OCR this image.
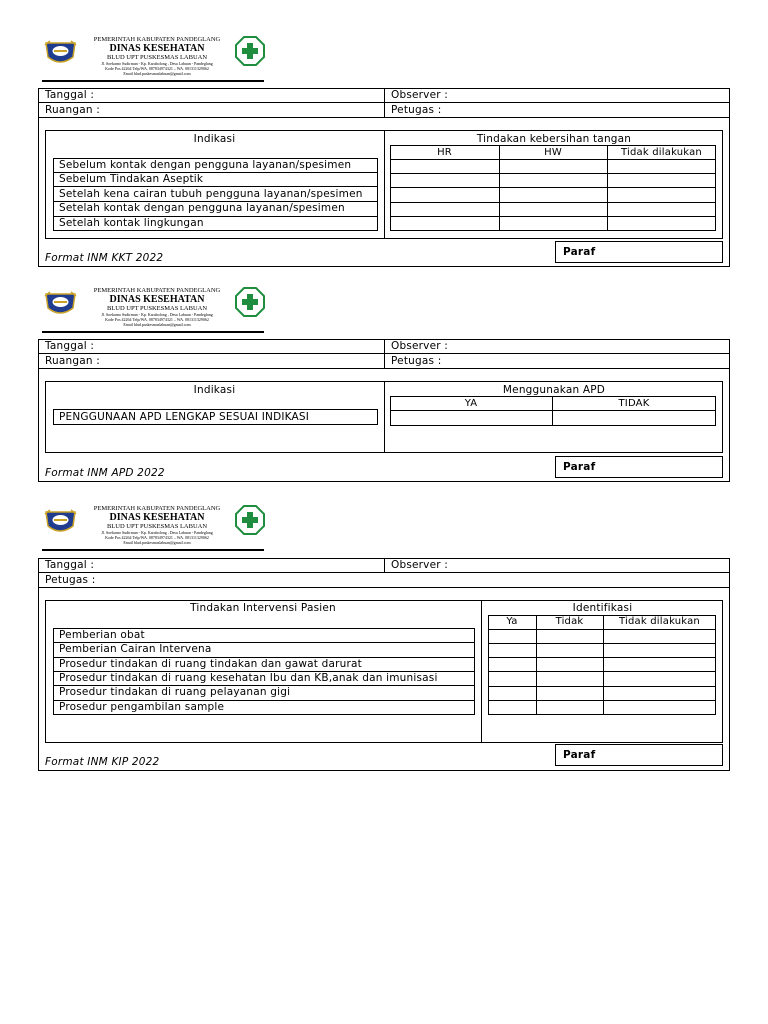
PEMERINTAH KABUPATEN PANDEGLANG
DINAS KESEHATAN
BLUD UPT PUSKESMAS LABUAN
Jl. Soekarno Sudirman - Kp. Karabolong , Desa Labuan - Pandeglang
Kode Pos 42264 Telp/WA. 087834974321 – WA. 081311329062
Email blud.puskesmaslabuan@gmail.com
Tanggal :	Observer :
Ruangan :	Petugas :
Indikasi	Tindakan kebersihan tangan
Sebelum kontak dengan pengguna layanan/spesimen
Sebelum Tindakan Aseptik
Setelah kena cairan tubuh pengguna layanan/spesimen
Setelah kontak dengan pengguna layanan/spesimen
Setelah kontak lingkungan
HR	HW	Tidak dilakukan
Paraf
Format INM KKT 2022
PEMERINTAH KABUPATEN PANDEGLANG
DINAS KESEHATAN
BLUD UPT PUSKESMAS LABUAN
Jl. Soekarno Sudirman - Kp. Karabolong , Desa Labuan - Pandeglang
Kode Pos 42264 Telp/WA. 087834974321 – WA. 081311329062
Email blud.puskesmaslabuan@gmail.com
Tanggal :	Observer :
Ruangan :	Petugas :
Indikasi	Menggunakan APD
PENGGUNAAN APD LENGKAP SESUAI INDIKASI
YA	TIDAK
Paraf
Format INM APD 2022
PEMERINTAH KABUPATEN PANDEGLANG
DINAS KESEHATAN
BLUD UPT PUSKESMAS LABUAN
Jl. Soekarno Sudirman - Kp. Karabolong , Desa Labuan - Pandeglang
Kode Pos 42264 Telp/WA. 087834974321 – WA. 081311329062
Email blud.puskesmaslabuan@gmail.com
Tanggal :	Observer :
Petugas :
Tindakan Intervensi Pasien	Identifikasi
Pemberian obat
Pemberian Cairan Intervena
Prosedur tindakan di ruang tindakan dan gawat darurat
Prosedur tindakan di ruang kesehatan Ibu dan KB,anak dan imunisasi
Prosedur tindakan di ruang pelayanan gigi
Prosedur pengambilan sample
Ya	Tidak	Tidak dilakukan
Paraf
Format INM KIP 2022
